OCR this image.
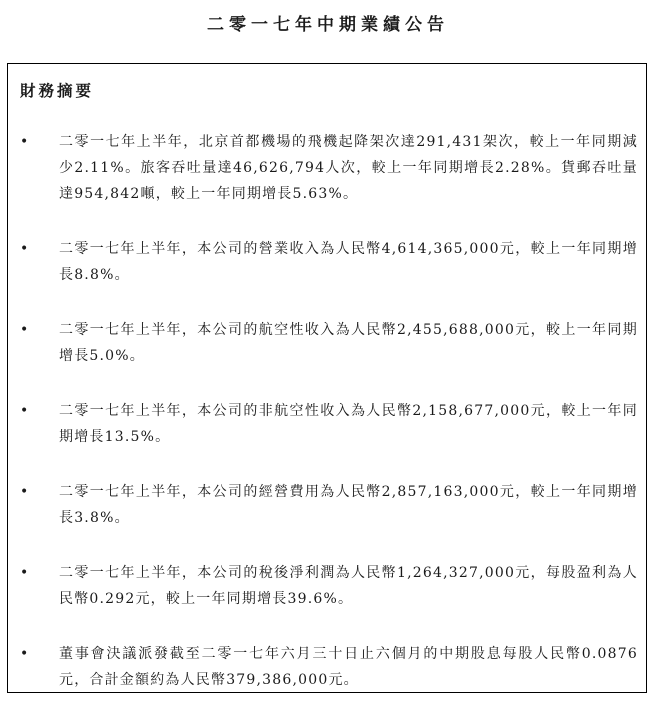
二零一七年中期業績公告
財務摘要
• 二零一七年上半年，北京首都機場的飛機起降架次達291,431架次，較上一年同期減少2.11%。旅客吞吐量達46,626,794人次，較上一年同期增長2.28%。貨郵吞吐量達954,842噸，較上一年同期增長5.63%。
• 二零一七年上半年，本公司的營業收入為人民幣4,614,365,000元，較上一年同期增長8.8%。
• 二零一七年上半年，本公司的航空性收入為人民幣2,455,688,000元，較上一年同期增長5.0%。
• 二零一七年上半年，本公司的非航空性收入為人民幣2,158,677,000元，較上一年同期增長13.5%。
• 二零一七年上半年，本公司的經營費用為人民幣2,857,163,000元，較上一年同期增長3.8%。
• 二零一七年上半年，本公司的稅後淨利潤為人民幣1,264,327,000元，每股盈利為人民幣0.292元，較上一年同期增長39.6%。
• 董事會決議派發截至二零一七年六月三十日止六個月的中期股息每股人民幣0.0876元，合計金額約為人民幣379,386,000元。
